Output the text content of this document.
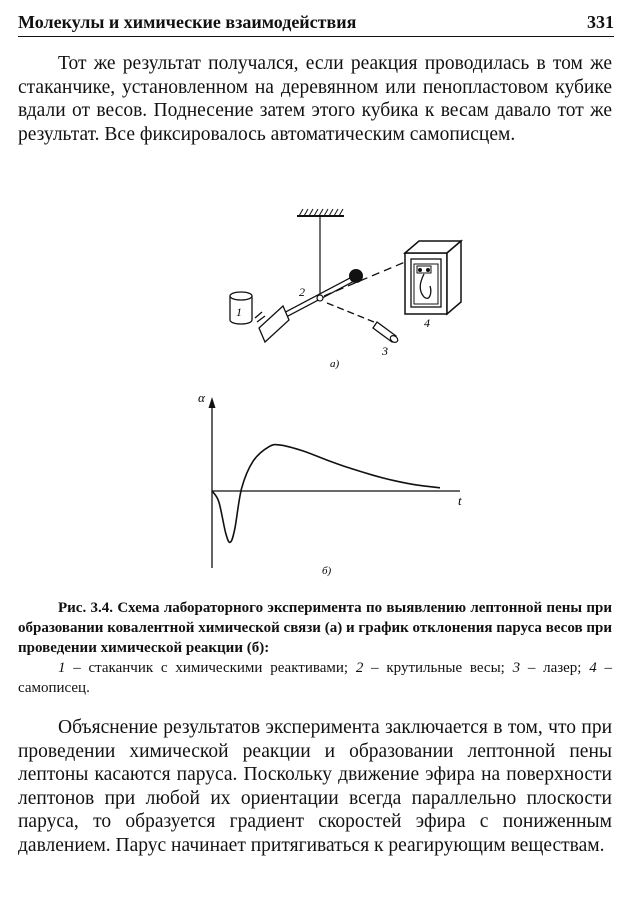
Молекулы и химические взаимодействия	331

Тот же результат получался, если реакция проводилась в том же стаканчике, установленном на деревянном или пенопластовом кубике вдали от весов. Поднесение затем этого кубика к весам давало тот же результат. Все фиксировалось автоматическим самописцем.

1
2
3
4
а)
α
t
б)

Рис. 3.4. Схема лабораторного эксперимента по выявлению лептонной пены при образовании ковалентной химической связи (а) и график отклонения паруса весов при проведении химической реакции (б):

1 – стаканчик с химическими реактивами; 2 – крутильные весы; 3 – лазер; 4 –самописец.

Объяснение результатов эксперимента заключается в том, что при проведении химической реакции и образовании лептонной пены лептоны касаются паруса. Поскольку движение эфира на поверхности лептонов при любой их ориентации всегда параллельно плоскости паруса, то образуется градиент скоростей эфира с пониженным давлением. Парус начинает притягиваться к реагирующим веществам.
